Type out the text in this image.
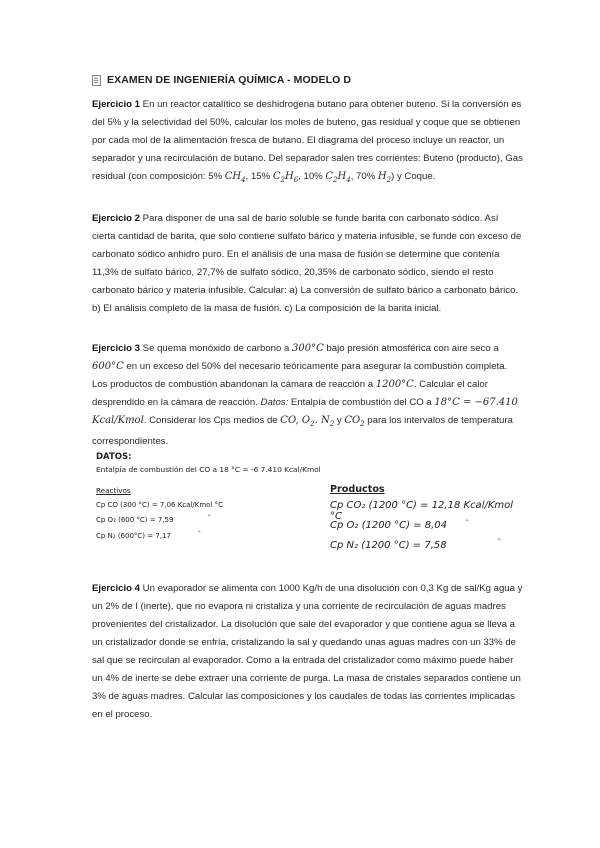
EXAMEN DE INGENIERÍA QUÍMICA - MODELO D
Ejercicio 1 En un reactor catalítico se deshidrogena butano para obtener buteno. Si la conversión es del 5% y la selectividad del 50%, calcular los moles de buteno, gas residual y coque que se obtienen por cada mol de la alimentación fresca de butano. El diagrama del proceso incluye un reactor, un separador y una recirculación de butano. Del separador salen tres corrientes: Buteno (producto), Gas residual (con composición: 5% $CH_4$, 15% $C_2H_6$, 10% $C_2H_4$, 70% $H_2$) y Coque.
Ejercicio 2 Para disponer de una sal de bario soluble se funde barita con carbonato sódico. Así cierta cantidad de barita, que solo contiene sulfato bárico y materia infusible, se funde con exceso de carbonato sódico anhidro puro. En el análisis de una masa de fusión se determine que contenía 11,3% de sulfato bárico, 27,7% de sulfato sódico, 20,35% de carbonato sódico, siendo el resto carbonato bárico y materia infusible. Calcular: a) La conversión de sulfato bárico a carbonato bárico. b) El análisis completo de la masa de fusión. c) La composición de la barita inicial.
Ejercicio 3 Se quema monóxido de carbono a 300°C bajo presión atmosférica con aire seco a 600°C en un exceso del 50% del necesario teóricamente para asegurar la combustión completa. Los productos de combustión abandonan la cámara de reacción a 1200°C. Calcular el calor desprendido en la cámara de reacción. Datos: Entalpía de combustión del CO a 18°C = −67.410 Kcal/Kmol. Considerar los Cps medios de CO, $O_2$. $N_2$ y $CO_2$ para los intervalos de temperatura correspondientes.
DATOS:
Entalpía de combustión del CO a 18 °C = -6 7.410 Kcal/Kmol
Reactivos
Cp CO (300 °C) = 7,06 Kcal/Kmol °C
Cp O₂ (600 °C) = 7,59	"
Cp N₂ (600°C) = 7,17	"
Productos
Cp CO₂ (1200 °C) = 12,18 Kcal/Kmol °C
Cp O₂ (1200 °C) = 8,04	"
Cp N₂ (1200 °C) = 7,58	"
Ejercicio 4 Un evaporador se alimenta con 1000 Kg/h de una disolución con 0,3 Kg de sal/Kg agua y un 2% de I (inerte), que no evapora ni cristaliza y una corriente de recirculación de aguas madres provenientes del cristalizador. La disolución que sale del evaporador y que contiene agua se lleva a un cristalizador donde se enfría, cristalizando la sal y quedando unas aguas madres con un 33% de sal que se recirculan al evaporador. Como a la entrada del cristalizador como máximo puede haber un 4% de inerte se debe extraer una corriente de purga. La masa de cristales separados contiene un 3% de aguas madres. Calcular las composiciones y los caudales de todas las corrientes implicadas en el proceso.
